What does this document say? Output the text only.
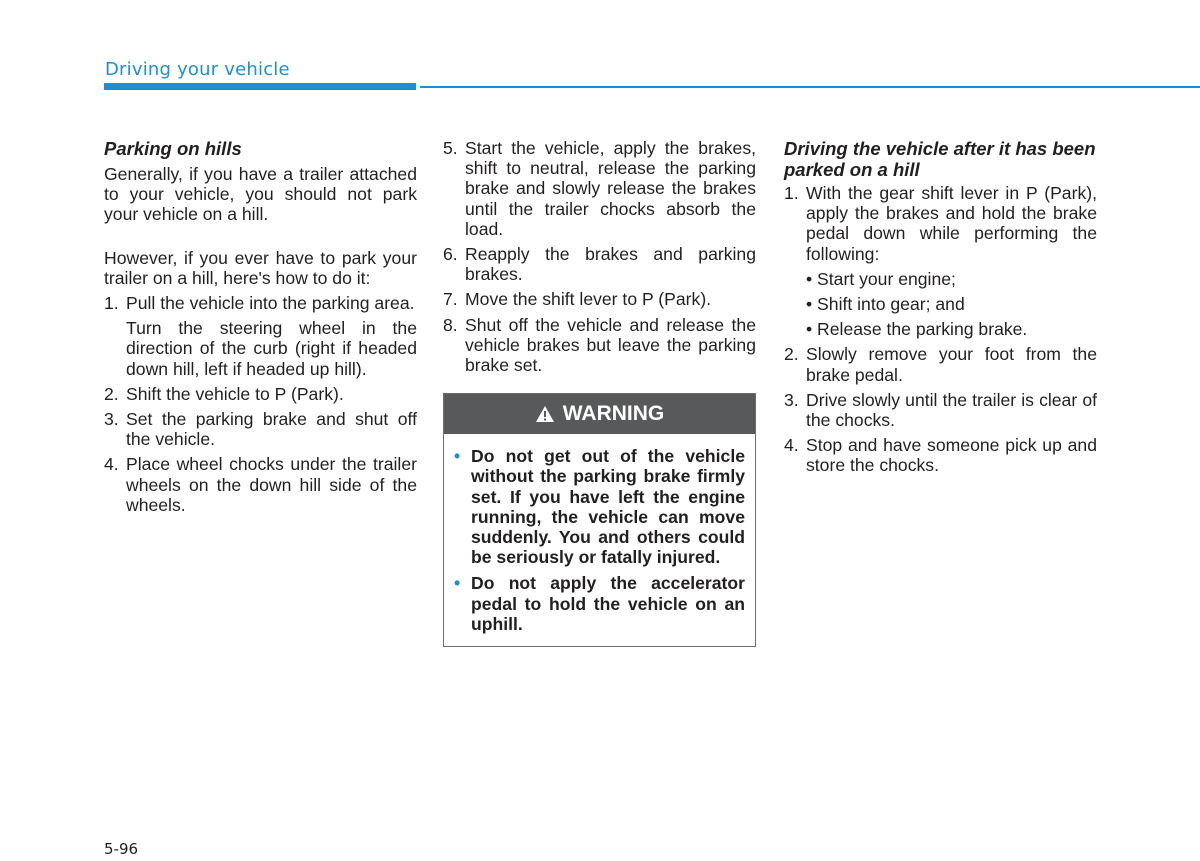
Driving your vehicle
Parking on hills

Generally, if you have a trailer attached to your vehicle, you should not park your vehicle on a hill.

However, if you ever have to park your trailer on a hill, here's how to do it:

1. Pull the vehicle into the parking area.
Turn the steering wheel in the direction of the curb (right if headed down hill, left if headed up hill).
2. Shift the vehicle to P (Park).
3. Set the parking brake and shut off the vehicle.
4. Place wheel chocks under the trailer wheels on the down hill side of the wheels.
5. Start the vehicle, apply the brakes, shift to neutral, release the parking brake and slowly release the brakes until the trailer chocks absorb the load.
6. Reapply the brakes and parking brakes.
7. Move the shift lever to P (Park).
8. Shut off the vehicle and release the vehicle brakes but leave the parking brake set.
WARNING
• Do not get out of the vehicle without the parking brake firmly set. If you have left the engine running, the vehicle can move suddenly. You and others could be seriously or fatally injured.
• Do not apply the accelerator pedal to hold the vehicle on an uphill.
Driving the vehicle after it has been parked on a hill
1. With the gear shift lever in P (Park), apply the brakes and hold the brake pedal down while performing the following:
• Start your engine;
• Shift into gear; and
• Release the parking brake.
2. Slowly remove your foot from the brake pedal.
3. Drive slowly until the trailer is clear of the chocks.
4. Stop and have someone pick up and store the chocks.
5-96
